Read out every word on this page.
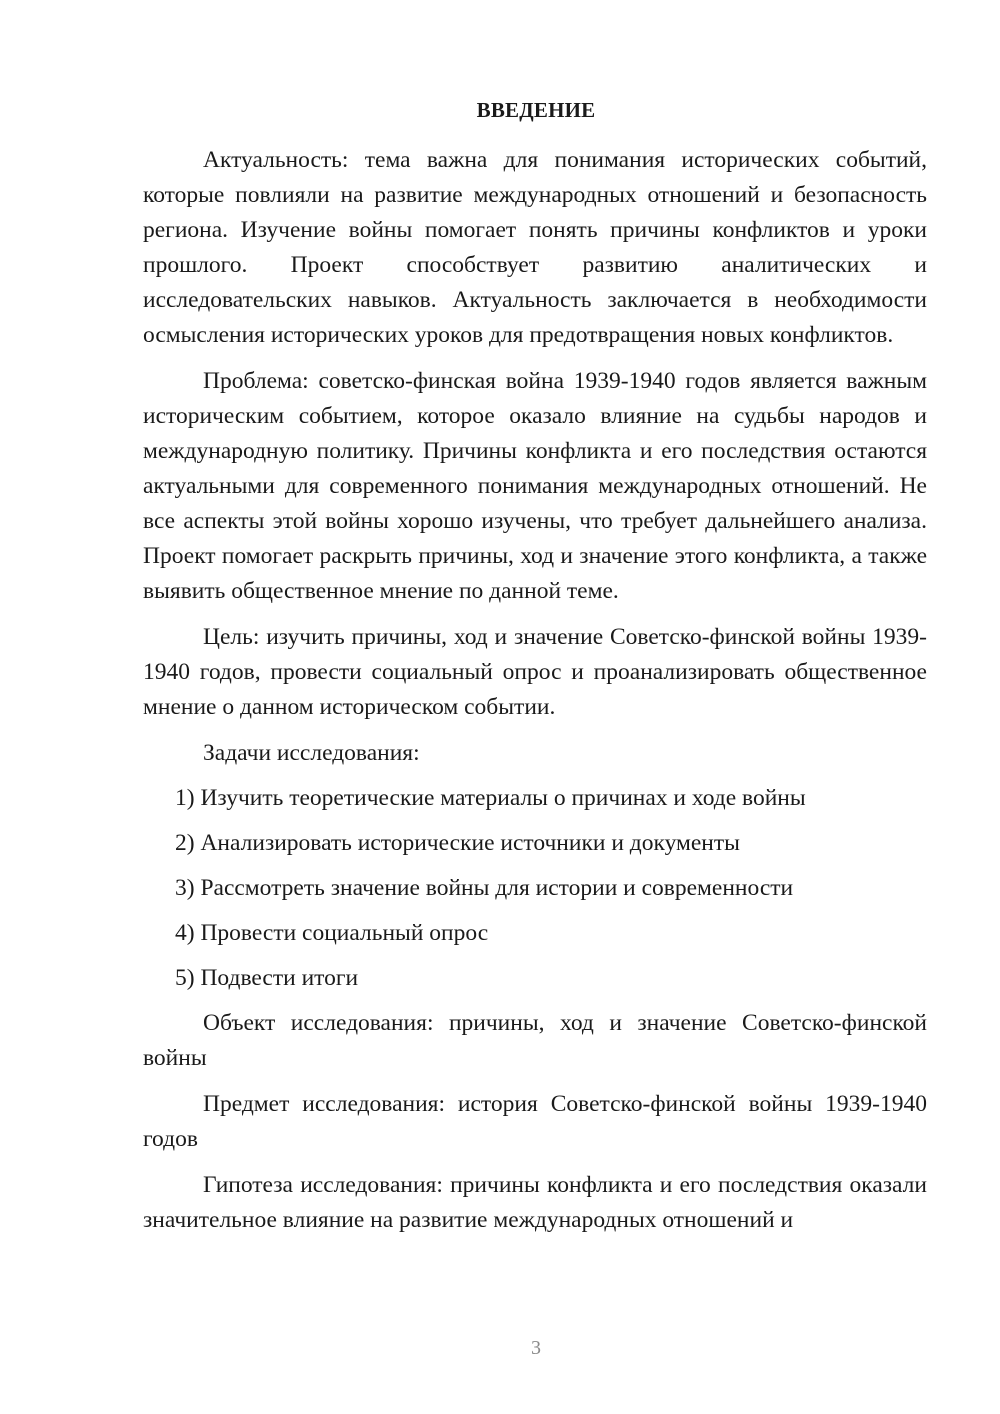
ВВЕДЕНИЕ

Актуальность: тема важна для понимания исторических событий, которые повлияли на развитие международных отношений и безопасность региона. Изучение войны помогает понять причины конфликтов и уроки прошлого. Проект способствует развитию аналитических и исследовательских навыков. Актуальность заключается в необходимости осмысления исторических уроков для предотвращения новых конфликтов.

Проблема: советско-финская война 1939-1940 годов является важным историческим событием, которое оказало влияние на судьбы народов и международную политику. Причины конфликта и его последствия остаются актуальными для современного понимания международных отношений. Не все аспекты этой войны хорошо изучены, что требует дальнейшего анализа. Проект помогает раскрыть причины, ход и значение этого конфликта, а также выявить общественное мнение по данной теме.

Цель: изучить причины, ход и значение Советско-финской войны 1939-1940 годов, провести социальный опрос и проанализировать общественное мнение о данном историческом событии.

Задачи исследования:

1) Изучить теоретические материалы о причинах и ходе войны

2) Анализировать исторические источники и документы

3) Рассмотреть значение войны для истории и современности

4) Провести социальный опрос

5) Подвести итоги

Объект исследования: причины, ход и значение Советско-финской войны

Предмет исследования: история Советско-финской войны 1939-1940 годов

Гипотеза исследования: причины конфликта и его последствия оказали значительное влияние на развитие международных отношений и

3
